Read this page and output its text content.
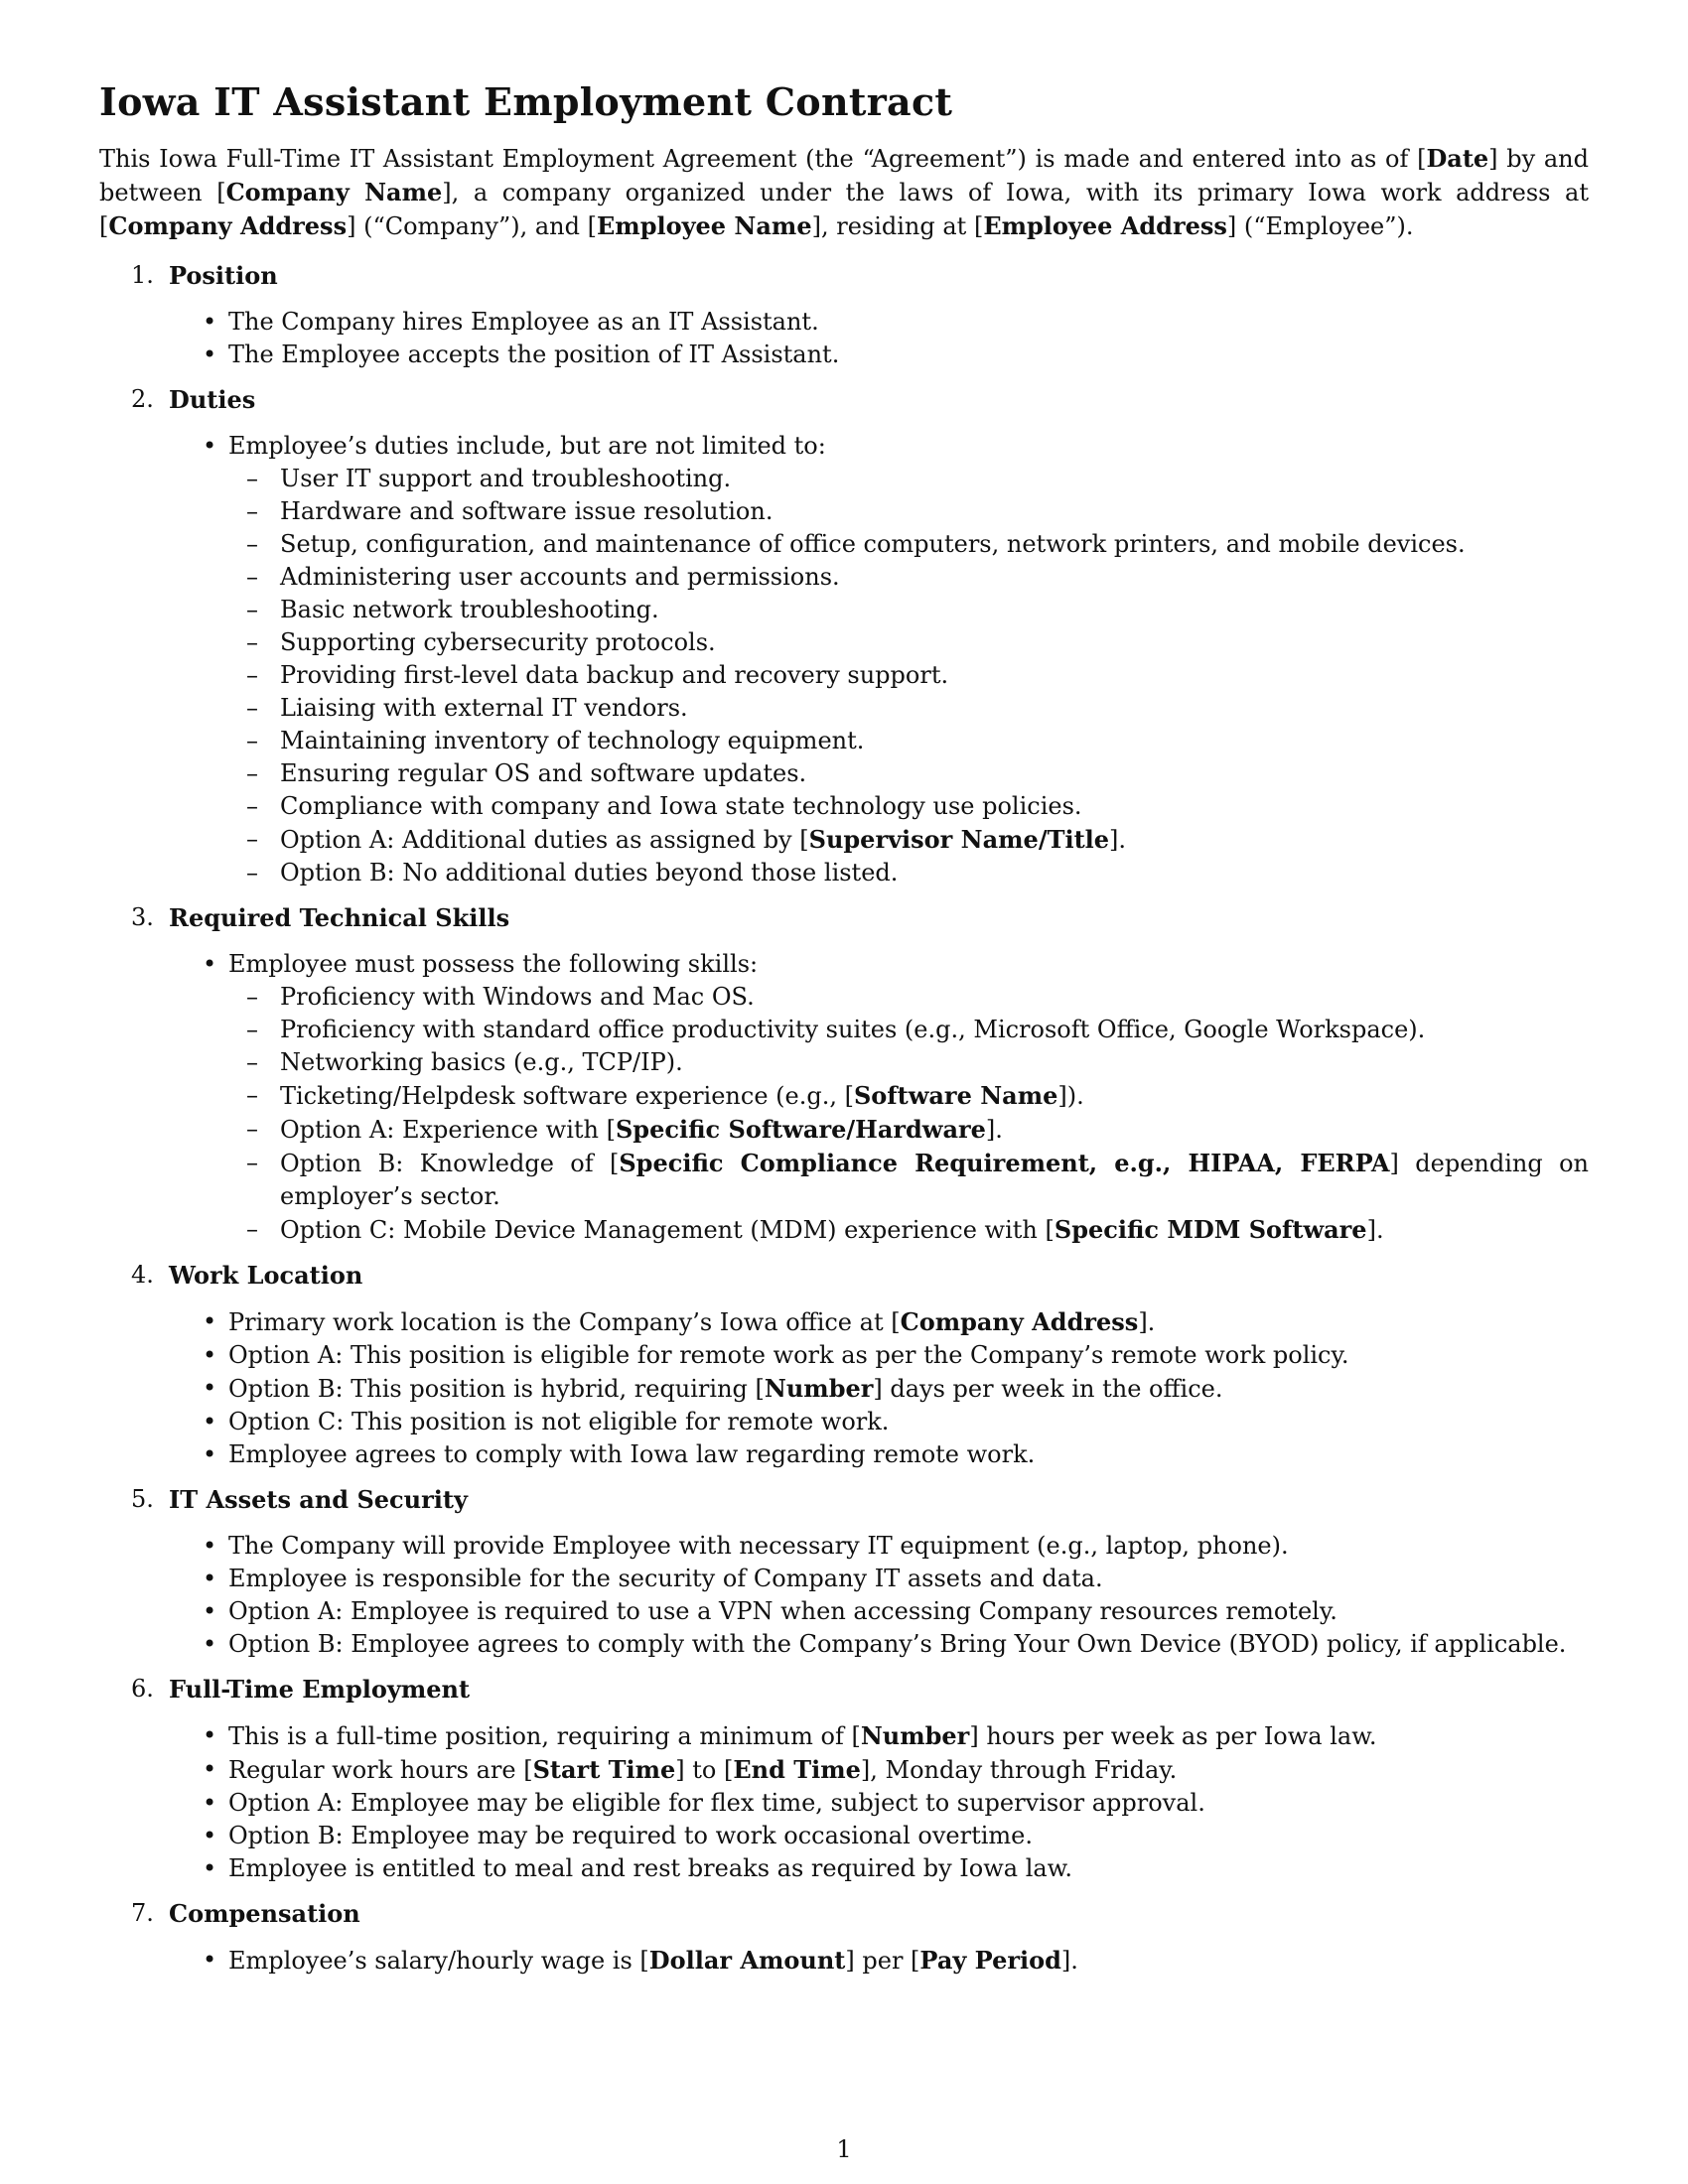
Iowa IT Assistant Employment Contract

This Iowa Full-Time IT Assistant Employment Agreement (the “Agreement”) is made and entered into as of [Date] by and between [Company Name], a company organized under the laws of Iowa, with its primary Iowa work address at [Company Address] (“Company”), and [Employee Name], residing at [Employee Address] (“Employee”).

1. Position
• The Company hires Employee as an IT Assistant.
• The Employee accepts the position of IT Assistant.
2. Duties
• Employee’s duties include, but are not limited to:
– User IT support and troubleshooting.
– Hardware and software issue resolution.
– Setup, configuration, and maintenance of office computers, network printers, and mobile devices.
– Administering user accounts and permissions.
– Basic network troubleshooting.
– Supporting cybersecurity protocols.
– Providing first-level data backup and recovery support.
– Liaising with external IT vendors.
– Maintaining inventory of technology equipment.
– Ensuring regular OS and software updates.
– Compliance with company and Iowa state technology use policies.
– Option A: Additional duties as assigned by [Supervisor Name/Title].
– Option B: No additional duties beyond those listed.
3. Required Technical Skills
• Employee must possess the following skills:
– Proficiency with Windows and Mac OS.
– Proficiency with standard office productivity suites (e.g., Microsoft Office, Google Workspace).
– Networking basics (e.g., TCP/IP).
– Ticketing/Helpdesk software experience (e.g., [Software Name]).
– Option A: Experience with [Specific Software/Hardware].
– Option B: Knowledge of [Specific Compliance Requirement, e.g., HIPAA, FERPA] depending on employer’s sector.
– Option C: Mobile Device Management (MDM) experience with [Specific MDM Software].
4. Work Location
• Primary work location is the Company’s Iowa office at [Company Address].
• Option A: This position is eligible for remote work as per the Company’s remote work policy.
• Option B: This position is hybrid, requiring [Number] days per week in the office.
• Option C: This position is not eligible for remote work.
• Employee agrees to comply with Iowa law regarding remote work.
5. IT Assets and Security
• The Company will provide Employee with necessary IT equipment (e.g., laptop, phone).
• Employee is responsible for the security of Company IT assets and data.
• Option A: Employee is required to use a VPN when accessing Company resources remotely.
• Option B: Employee agrees to comply with the Company’s Bring Your Own Device (BYOD) policy, if applicable.
6. Full-Time Employment
• This is a full-time position, requiring a minimum of [Number] hours per week as per Iowa law.
• Regular work hours are [Start Time] to [End Time], Monday through Friday.
• Option A: Employee may be eligible for flex time, subject to supervisor approval.
• Option B: Employee may be required to work occasional overtime.
• Employee is entitled to meal and rest breaks as required by Iowa law.
7. Compensation
• Employee’s salary/hourly wage is [Dollar Amount] per [Pay Period].
1
